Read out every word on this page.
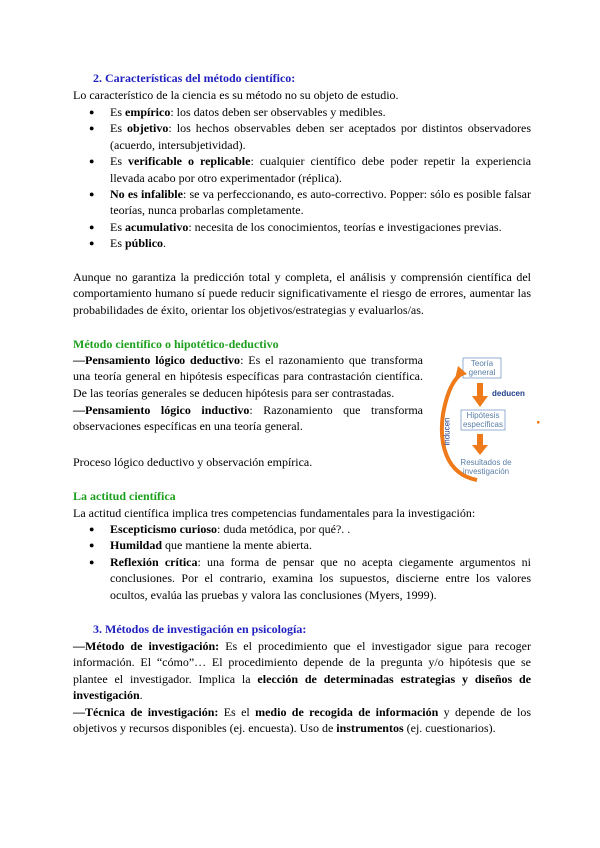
2. Características del método científico:
Lo característico de la ciencia es su método no su objeto de estudio.
● Es empírico: los datos deben ser observables y medibles.
● Es objetivo: los hechos observables deben ser aceptados por distintos observadores (acuerdo, intersubjetividad).
● Es verificable o replicable: cualquier científico debe poder repetir la experiencia llevada acabo por otro experimentador (réplica).
● No es infalible: se va perfeccionando, es auto-correctivo. Popper: sólo es posible falsar teorías, nunca probarlas completamente.
● Es acumulativo: necesita de los conocimientos, teorías e investigaciones previas.
● Es público.
Aunque no garantiza la predicción total y completa, el análisis y comprensión científica del comportamiento humano sí puede reducir significativamente el riesgo de errores, aumentar las probabilidades de éxito, orientar los objetivos/estrategias y evaluarlos/as.
Método científico o hipotético-deductivo
—Pensamiento lógico deductivo: Es el razonamiento que transforma una teoría general en hipótesis específicas para contrastación científica. De las teorías generales se deducen hipótesis para ser contrastadas.
—Pensamiento lógico inductivo: Razonamiento que transforma observaciones específicas en una teoría general.
Proceso lógico deductivo y observación empírica.
Teoría general
Hipótesis específicas
Resultados de investigación
deducen
inducen
La actitud científica
La actitud científica implica tres competencias fundamentales para la investigación:
● Escepticismo curioso: duda metódica, por qué?. .
● Humildad que mantiene la mente abierta.
● Reflexión crítica: una forma de pensar que no acepta ciegamente argumentos ni conclusiones. Por el contrario, examina los supuestos, discierne entre los valores ocultos, evalúa las pruebas y valora las conclusiones (Myers, 1999).
3. Métodos de investigación en psicología:
—Método de investigación: Es el procedimiento que el investigador sigue para recoger información. El “cómo”… El procedimiento depende de la pregunta y/o hipótesis que se plantee el investigador. Implica la elección de determinadas estrategias y diseños de investigación.
—Técnica de investigación: Es el medio de recogida de información y depende de los objetivos y recursos disponibles (ej. encuesta). Uso de instrumentos (ej. cuestionarios).
